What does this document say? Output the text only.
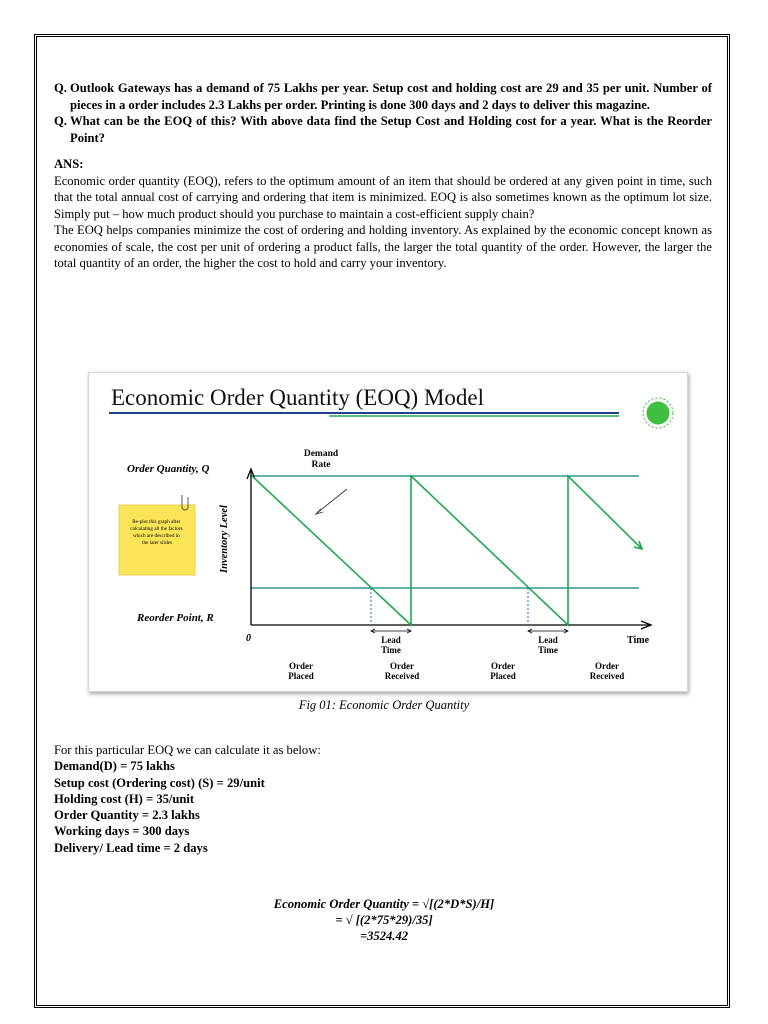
Q. Outlook Gateways has a demand of 75 Lakhs per year. Setup cost and holding cost are 29 and 35 per unit. Number of pieces in a order includes 2.3 Lakhs per order. Printing is done 300 days and 2 days to deliver this magazine.
Q. What can be the EOQ of this? With above data find the Setup Cost and Holding cost for a year. What is the Reorder Point?
ANS:

Economic order quantity (EOQ), refers to the optimum amount of an item that should be ordered at any given point in time, such that the total annual cost of carrying and ordering that item is minimized. EOQ is also sometimes known as the optimum lot size. Simply put – how much product should you purchase to maintain a cost-efficient supply chain?

The EOQ helps companies minimize the cost of ordering and holding inventory. As explained by the economic concept known as economies of scale, the cost per unit of ordering a product falls, the larger the total quantity of the order. However, the larger the total quantity of an order, the higher the cost to hold and carry your inventory.

Economic Order Quantity (EOQ) Model
Order Quantity, Q
Reorder Point, R
Inventory Level
0	Time
Re-plot this graph after calculating all the factors which are described in the later slides
Demand
Rate
Lead
Time
Lead
Time
Order
Placed
Order
Received
Order
Placed
Order
Received
Fig 01: Economic Order Quantity
For this particular EOQ we can calculate it as below:
Demand(D) = 75 lakhs
Setup cost (Ordering cost) (S) = 29/unit
Holding cost (H) = 35/unit
Order Quantity = 2.3 lakhs
Working days = 300 days
Delivery/ Lead time = 2 days
Economic Order Quantity = √[(2*D*S)/H]
= √ [(2*75*29)/35]
=3524.42
